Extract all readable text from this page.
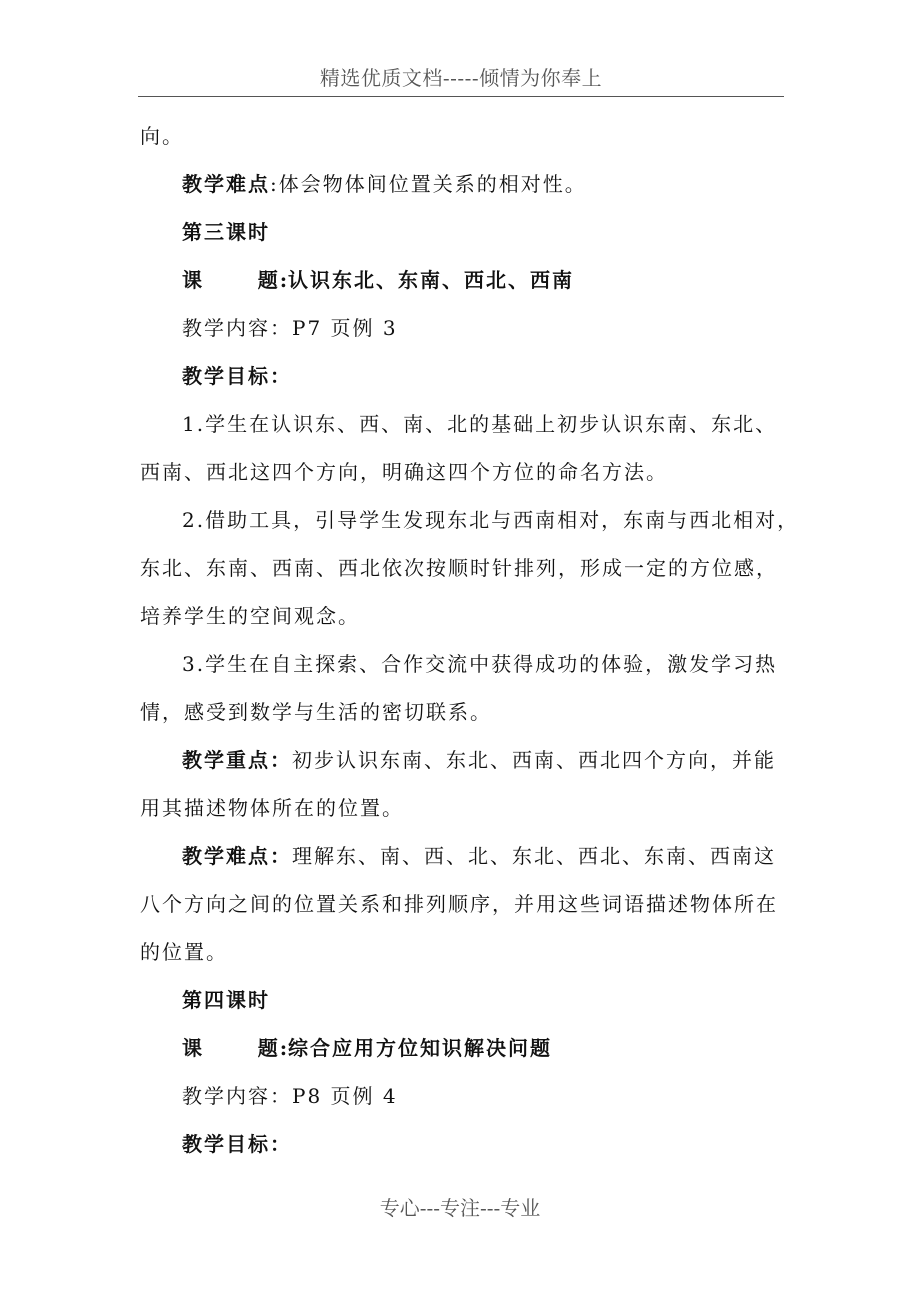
精选优质文档-----倾情为你奉上
向。
教学难点:体会物体间位置关系的相对性。
第三课时
课      题:认识东北、东南、西北、西南
教学内容：P7 页例 3
教学目标：
1.学生在认识东、西、南、北的基础上初步认识东南、东北、
西南、西北这四个方向，明确这四个方位的命名方法。
2.借助工具，引导学生发现东北与西南相对，东南与西北相对，
东北、东南、西南、西北依次按顺时针排列，形成一定的方位感，
培养学生的空间观念。
3.学生在自主探索、合作交流中获得成功的体验，激发学习热
情，感受到数学与生活的密切联系。
教学重点：初步认识东南、东北、西南、西北四个方向，并能
用其描述物体所在的位置。
教学难点：理解东、南、西、北、东北、西北、东南、西南这
八个方向之间的位置关系和排列顺序，并用这些词语描述物体所在
的位置。
第四课时
课      题:综合应用方位知识解决问题
教学内容：P8 页例 4
教学目标：
专心---专注---专业
